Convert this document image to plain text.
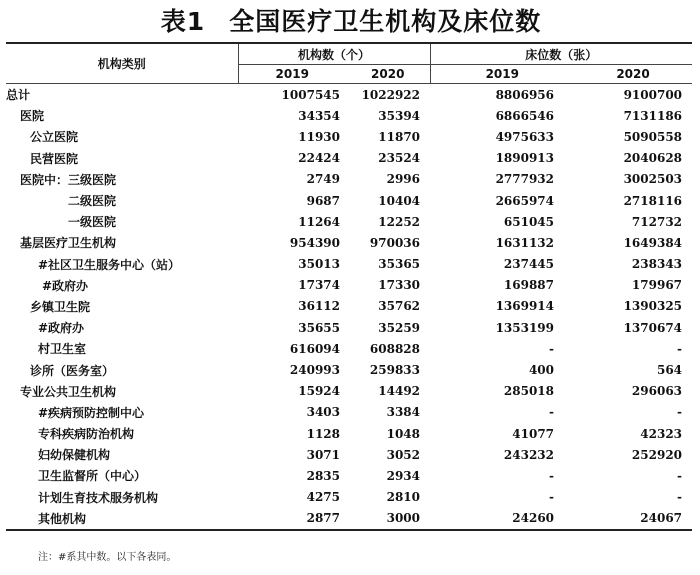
表1 全国医疗卫生机构及床位数
机构类别	机构数（个）		床位数（张）	
	2019	2020	2019	2020
总计	1007545	1022922	8806956	9100700
医院	34354	35394	6866546	7131186
公立医院	11930	11870	4975633	5090558
民营医院	22424	23524	1890913	2040628
医院中：三级医院	2749	2996	2777932	3002503
二级医院	9687	10404	2665974	2718116
一级医院	11264	12252	651045	712732
基层医疗卫生机构	954390	970036	1631132	1649384
#社区卫生服务中心（站）	35013	35365	237445	238343
#政府办	17374	17330	169887	179967
乡镇卫生院	36112	35762	1369914	1390325
#政府办	35655	35259	1353199	1370674
村卫生室	616094	608828	-	-
诊所（医务室）	240993	259833	400	564
专业公共卫生机构	15924	14492	285018	296063
#疾病预防控制中心	3403	3384	-	-
专科疾病防治机构	1128	1048	41077	42323
妇幼保健机构	3071	3052	243232	252920
卫生监督所（中心）	2835	2934	-	-
计划生育技术服务机构	4275	2810	-	-
其他机构	2877	3000	24260	24067
注：#系其中数。以下各表同。
